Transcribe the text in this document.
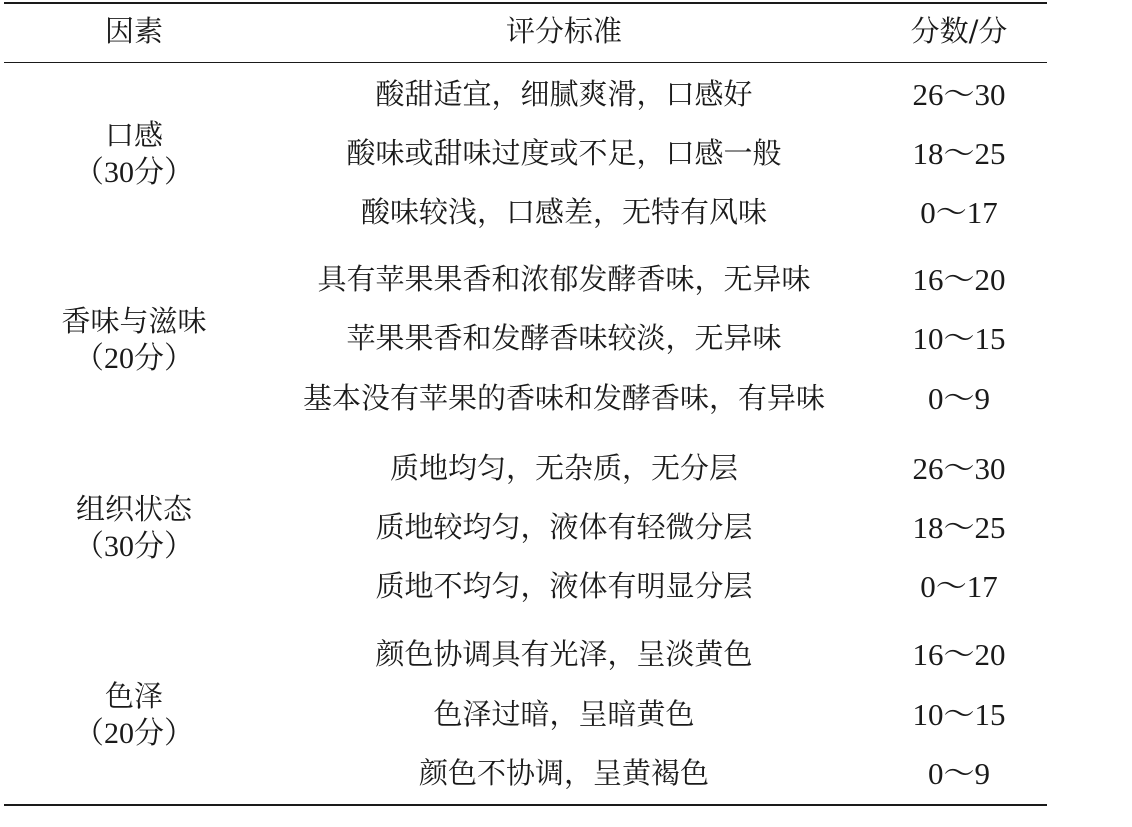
因素	评分标准	分数/分
口感
（30分）
酸甜适宜，细腻爽滑，口感好	26～30
酸味或甜味过度或不足，口感一般	18～25
酸味较浅，口感差，无特有风味	0～17
香味与滋味
（20分）
具有苹果果香和浓郁发酵香味，无异味	16～20
苹果果香和发酵香味较淡，无异味	10～15
基本没有苹果的香味和发酵香味，有异味	0～9
组织状态
（30分）
质地均匀，无杂质，无分层	26～30
质地较均匀，液体有轻微分层	18～25
质地不均匀，液体有明显分层	0～17
色泽
（20分）
颜色协调具有光泽，呈淡黄色	16～20
色泽过暗，呈暗黄色	10～15
颜色不协调，呈黄褐色	0～9
